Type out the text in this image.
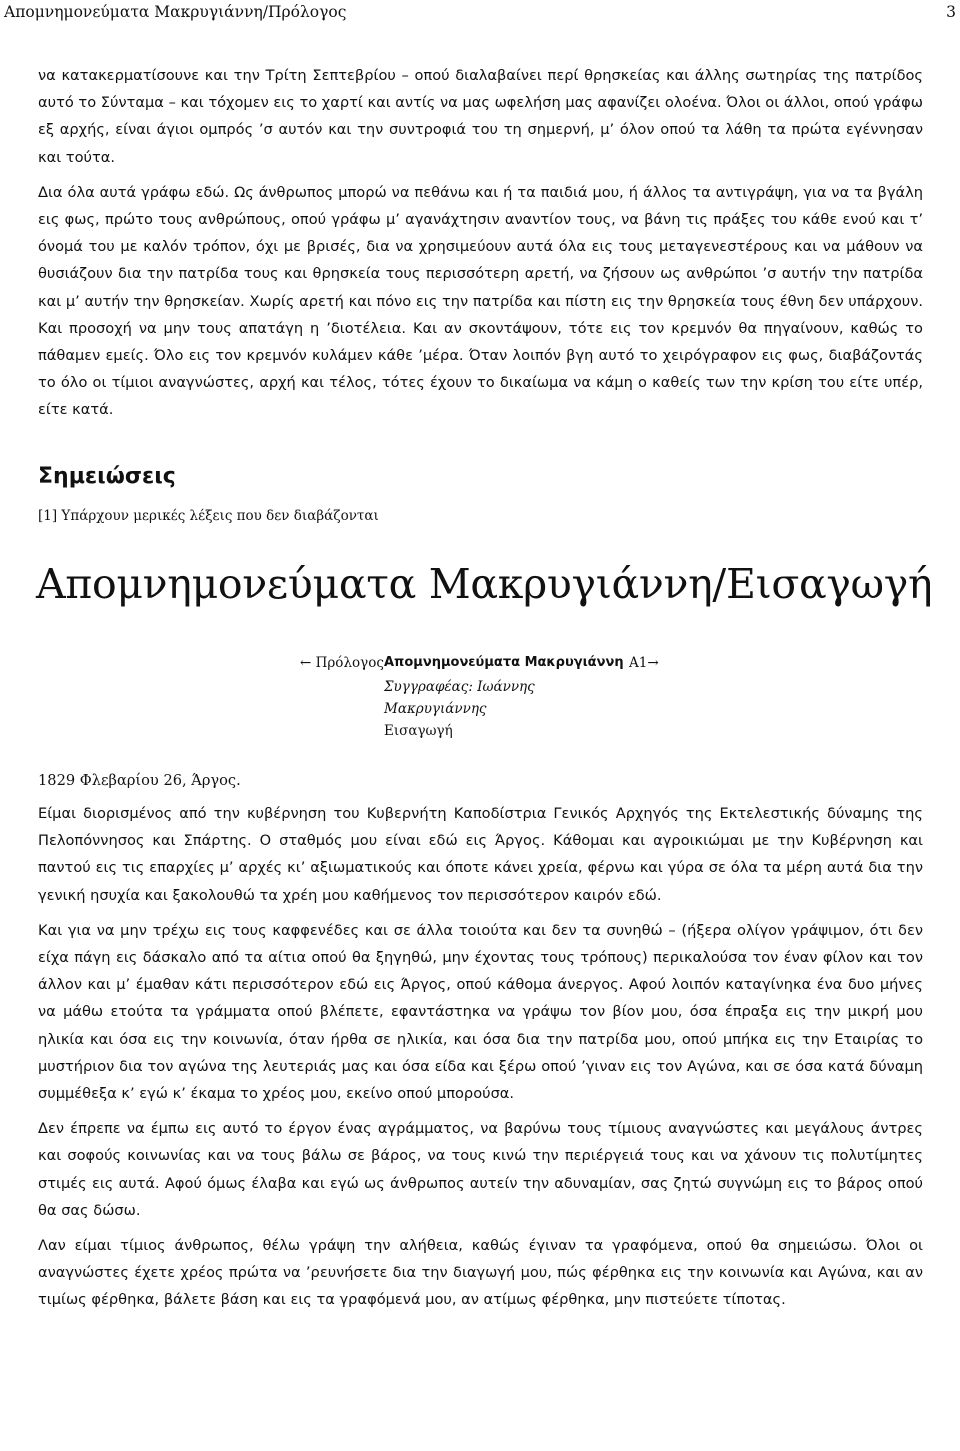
Απομνημονεύματα Μακρυγιάννη/Πρόλογος	3

να κατακερματίσουνε και την Τρίτη Σεπτεβρίου – οπού διαλαβαίνει περί θρησκείας και άλλης σωτηρίας της πατρίδος αυτό το Σύνταμα – και τόχομεν εις το χαρτί και αντίς να μας ωφελήση μας αφανίζει ολοένα. Όλοι οι άλλοι, οπού γράφω εξ αρχής, είναι άγιοι ομπρός ’σ αυτόν και την συντροφιά του τη σημερνή, μ’ όλον οπού τα λάθη τα πρώτα εγέννησαν και τούτα.

Δια όλα αυτά γράφω εδώ. Ως άνθρωπος μπορώ να πεθάνω και ή τα παιδιά μου, ή άλλος τα αντιγράψη, για να τα βγάλη εις φως, πρώτο τους ανθρώπους, οπού γράφω μ’ αγανάχτησιν αναντίον τους, να βάνη τις πράξες του κάθε ενού και τ’ όνομά του με καλόν τρόπον, όχι με βρισές, δια να χρησιμεύουν αυτά όλα εις τους μεταγενεστέρους και να μάθουν να θυσιάζουν δια την πατρίδα τους και θρησκεία τους περισσότερη αρετή, να ζήσουν ως ανθρώποι ’σ αυτήν την πατρίδα και μ’ αυτήν την θρησκείαν. Χωρίς αρετή και πόνο εις την πατρίδα και πίστη εις την θρησκεία τους έθνη δεν υπάρχουν. Και προσοχή να μην τους απατάγη η ’διοτέλεια. Και αν σκοντάψουν, τότε εις τον κρεμνόν θα πηγαίνουν, καθώς το πάθαμεν εμείς. Όλο εις τον κρεμνόν κυλάμεν κάθε ’μέρα. Όταν λοιπόν βγη αυτό το χειρόγραφον εις φως, διαβάζοντάς το όλο οι τίμιοι αναγνώστες, αρχή και τέλος, τότες έχουν το δικαίωμα να κάμη ο καθείς των την κρίση του είτε υπέρ, είτε κατά.

Σημειώσεις
[1] Υπάρχουν μερικές λέξεις που δεν διαβάζονται
Απομνημονεύματα Μακρυγιάννη/Εισαγωγή
← Πρόλογος Απομνημονεύματα Μακρυγιάννη Α1→
Συγγραφέας: Ιωάννης
Μακρυγιάννης
Εισαγωγή
1829 Φλεβαρίου 26, Άργος.

Είμαι διορισμένος από την κυβέρνηση του Κυβερνήτη Καποδίστρια Γενικός Αρχηγός της Εκτελεστικής δύναμης της Πελοπόννησος και Σπάρτης. Ο σταθμός μου είναι εδώ εις Άργος. Κάθομαι και αγροικιώμαι με την Κυβέρνηση και παντού εις τις επαρχίες μ’ αρχές κι’ αξιωματικούς και όποτε κάνει χρεία, φέρνω και γύρα σε όλα τα μέρη αυτά δια την γενική ησυχία και ξακολουθώ τα χρέη μου καθήμενος τον περισσότερον καιρόν εδώ.

Και για να μην τρέχω εις τους καφφενέδες και σε άλλα τοιούτα και δεν τα συνηθώ – (ήξερα ολίγον γράψιμον, ότι δεν είχα πάγη εις δάσκαλο από τα αίτια οπού θα ξηγηθώ, μην έχοντας τους τρόπους) περικαλούσα τον έναν φίλον και τον άλλον και μ’ έμαθαν κάτι περισσότερον εδώ εις Άργος, οπού κάθομα άνεργος. Αφού λοιπόν καταγίνηκα ένα δυο μήνες να μάθω ετούτα τα γράμματα οπού βλέπετε, εφαντάστηκα να γράψω τον βίον μου, όσα έπραξα εις την μικρή μου ηλικία και όσα εις την κοινωνία, όταν ήρθα σε ηλικία, και όσα δια την πατρίδα μου, οπού μπήκα εις την Εταιρίας το μυστήριον δια τον αγώνα της λευτεριάς μας και όσα είδα και ξέρω οπού ’γιναν εις τον Αγώνα, και σε όσα κατά δύναμη συμμέθεξα κ’ εγώ κ’ έκαμα το χρέος μου, εκείνο οπού μπορούσα.

Δεν έπρεπε να έμπω εις αυτό το έργον ένας αγράμματος, να βαρύνω τους τίμιους αναγνώστες και μεγάλους άντρες και σοφούς κοινωνίας και να τους βάλω σε βάρος, να τους κινώ την περιέργειά τους και να χάνουν τις πολυτίμητες στιμές εις αυτά. Αφού όμως έλαβα και εγώ ως άνθρωπος αυτείν την αδυναμίαν, σας ζητώ συγνώμη εις το βάρος οπού θα σας δώσω.

Λαν είμαι τίμιος άνθρωπος, θέλω γράψη την αλήθεια, καθώς έγιναν τα γραφόμενα, οπού θα σημειώσω. Όλοι οι αναγνώστες έχετε χρέος πρώτα να ’ρευνήσετε δια την διαγωγή μου, πώς φέρθηκα εις την κοινωνία και Αγώνα, και αν τιμίως φέρθηκα, βάλετε βάση και εις τα γραφόμενά μου, αν ατίμως φέρθηκα, μην πιστεύετε τίποτας.
